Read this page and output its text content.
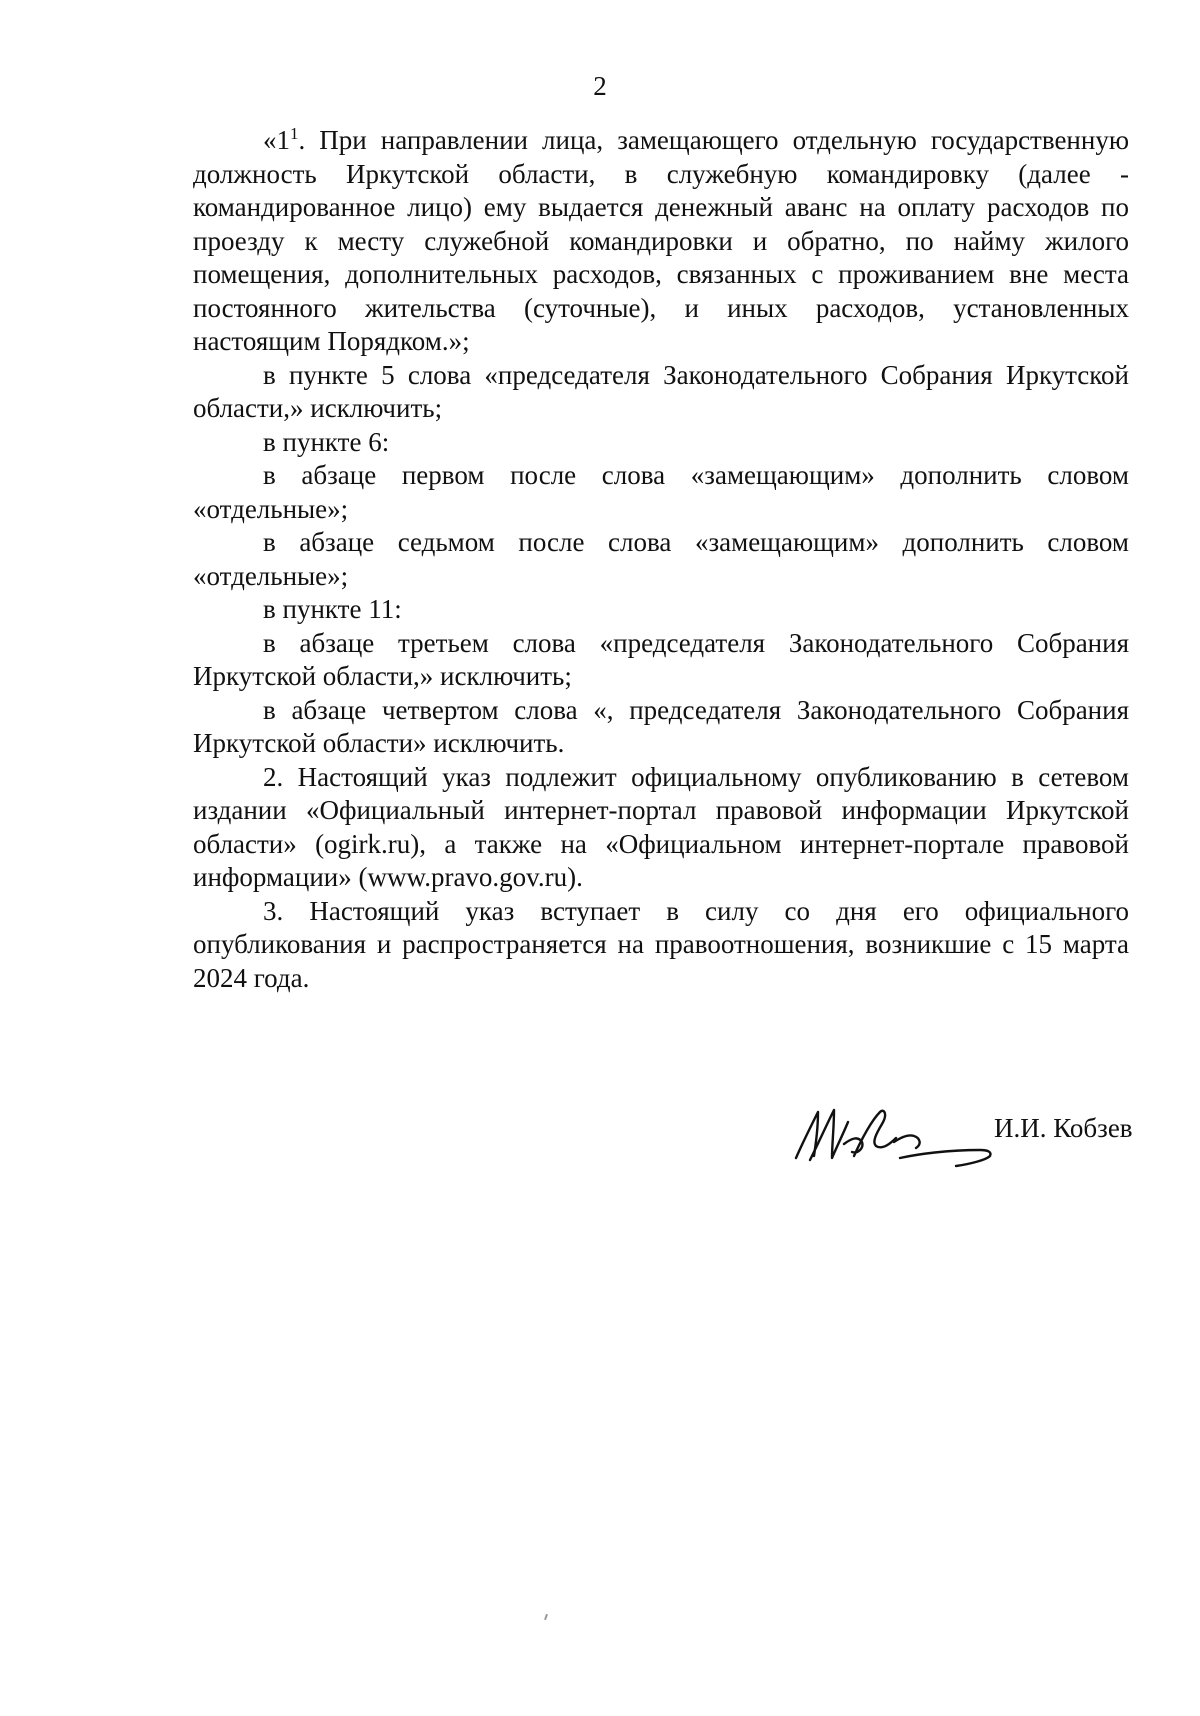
2

«1$^1$. При направлении лица, замещающего отдельную государственную должность Иркутской области, в служебную командировку (далее - командированное лицо) ему выдается денежный аванс на оплату расходов по проезду к месту служебной командировки и обратно, по найму жилого помещения, дополнительных расходов, связанных с проживанием вне места постоянного жительства (суточные), и иных расходов, установленных настоящим Порядком.»;

в пункте 5 слова «председателя Законодательного Собрания Иркутской области,» исключить;

в пункте 6:

в абзаце первом после слова «замещающим» дополнить словом «отдельные»;

в абзаце седьмом после слова «замещающим» дополнить словом «отдельные»;

в пункте 11:

в абзаце третьем слова «председателя Законодательного Собрания Иркутской области,» исключить;

в абзаце четвертом слова «, председателя Законодательного Собрания Иркутской области» исключить.

2. Настоящий указ подлежит официальному опубликованию в сетевом издании «Официальный интернет-портал правовой информации Иркутской области» (ogirk.ru), а также на «Официальном интернет-портале правовой информации» (www.pravo.gov.ru).

3. Настоящий указ вступает в силу со дня его официального опубликования и распространяется на правоотношения, возникшие с 15 марта 2024 года.

И.И. Кобзев
